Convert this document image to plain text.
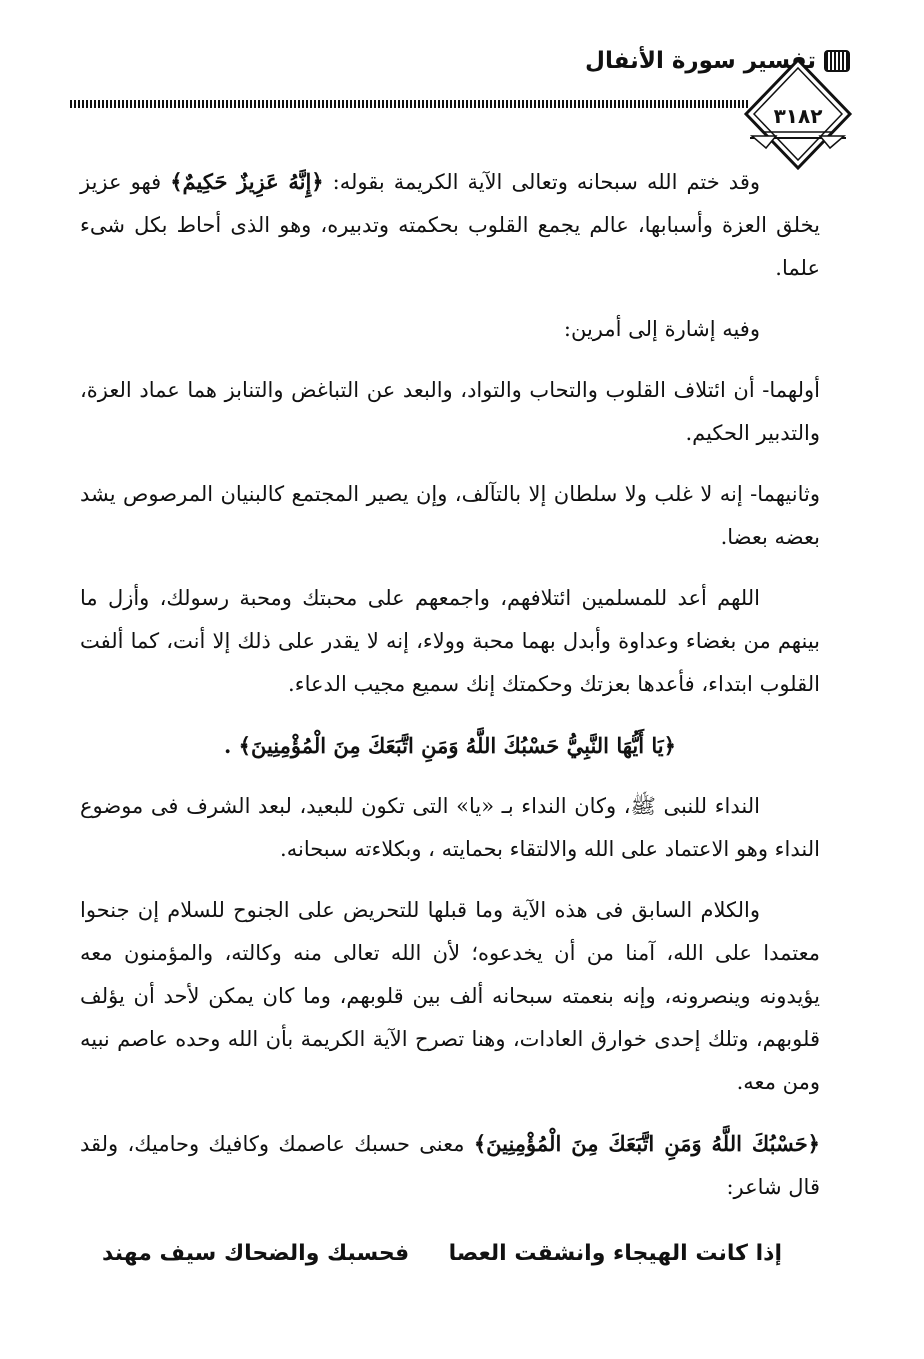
تفسير سورة الأنفال
٣١٨٢

وقد ختم الله سبحانه وتعالى الآية الكريمة بقوله: ﴿إِنَّهُ عَزِيزٌ حَكِيمٌ﴾ فهو عزيز يخلق العزة وأسبابها، عالم يجمع القلوب بحكمته وتدبيره، وهو الذى أحاط بكل شىء علما.

وفيه إشارة إلى أمرين:

أولهما- أن ائتلاف القلوب والتحاب والتواد، والبعد عن التباغض والتنابز هما عماد العزة، والتدبير الحكيم.

وثانيهما- إنه لا غلب ولا سلطان إلا بالتآلف، وإن يصير المجتمع كالبنيان المرصوص يشد بعضه بعضا.

اللهم أعد للمسلمين ائتلافهم، واجمعهم على محبتك ومحبة رسولك، وأزل ما بينهم من بغضاء وعداوة وأبدل بهما محبة وولاء، إنه لا يقدر على ذلك إلا أنت، كما ألفت القلوب ابتداء، فأعدها بعزتك وحكمتك إنك سميع مجيب الدعاء.

﴿يَا أَيُّهَا النَّبِيُّ حَسْبُكَ اللَّهُ وَمَنِ اتَّبَعَكَ مِنَ الْمُؤْمِنِينَ﴾ .

النداء للنبى ﷺ، وكان النداء بـ «يا» التى تكون للبعيد، لبعد الشرف فى موضوع النداء وهو الاعتماد على الله والالتقاء بحمايته ، وبكلاءته سبحانه.

والكلام السابق فى هذه الآية وما قبلها للتحريض على الجنوح للسلام إن جنحوا معتمدا على الله، آمنا من أن يخدعوه؛ لأن الله تعالى منه وكالته، والمؤمنون معه يؤيدونه وينصرونه، وإنه بنعمته سبحانه ألف بين قلوبهم، وما كان يمكن لأحد أن يؤلف قلوبهم، وتلك إحدى خوارق العادات، وهنا تصرح الآية الكريمة بأن الله وحده عاصم نبيه ومن معه.

﴿حَسْبُكَ اللَّهُ وَمَنِ اتَّبَعَكَ مِنَ الْمُؤْمِنِينَ﴾ معنى حسبك عاصمك وكافيك وحاميك، ولقد قال شاعر:

إذا كانت الهيجاء وانشقت العصا
فحسبك والضحاك سيف مهند
